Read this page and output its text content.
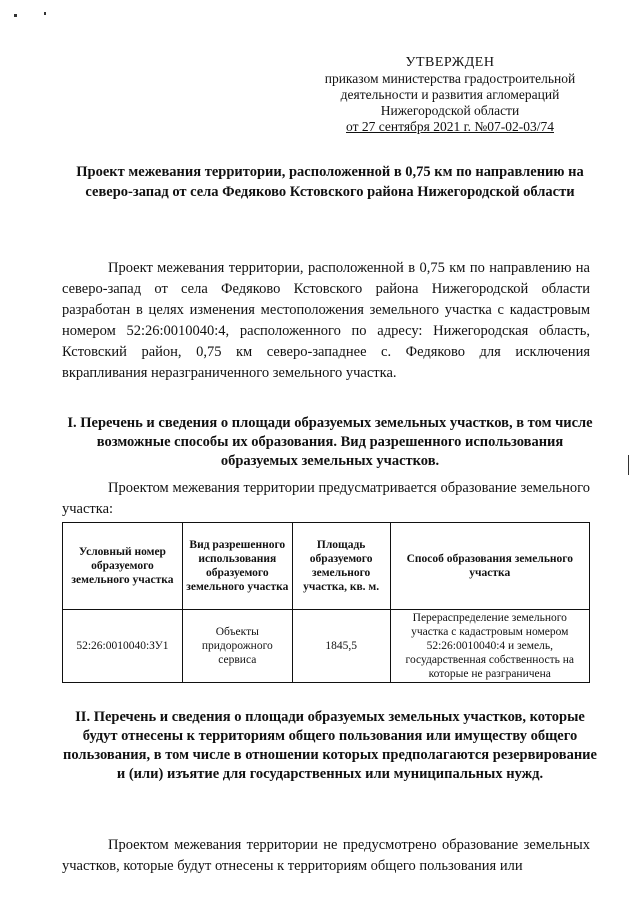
УТВЕРЖДЕН
приказом министерства градостроительной
деятельности и развития агломераций
Нижегородской области
от 27 сентября 2021 г. №07-02-03/74
Проект межевания территории, расположенной в 0,75 км по направлению на северо-запад от села Федяково Кстовского района Нижегородской области

Проект межевания территории, расположенной в 0,75 км по направлению на северо-запад от села Федяково Кстовского района Нижегородской области разработан в целях изменения местоположения земельного участка с кадастровым номером 52:26:0010040:4, расположенного по адресу: Нижегородская область, Кстовский район, 0,75 км северо-западнее с. Федяково для исключения вкрапливания неразграниченного земельного участка.

I. Перечень и сведения о площади образуемых земельных участков, в том числе возможные способы их образования. Вид разрешенного использования образуемых земельных участков.

Проектом межевания территории предусматривается образование земельного участка:

Условный номер образуемого земельного участка	Вид разрешенного использования образуемого земельного участка	Площадь образуемого земельного участка, кв. м.	Способ образования земельного участка
52:26:0010040:ЗУ1	Объекты придорожного сервиса	1845,5	Перераспределение земельного участка с кадастровым номером 52:26:0010040:4 и земель, государственная собственность на которые не разграничена
II. Перечень и сведения о площади образуемых земельных участков, которые будут отнесены к территориям общего пользования или имуществу общего пользования, в том числе в отношении которых предполагаются резервирование и (или) изъятие для государственных или муниципальных нужд.

Проектом межевания территории не предусмотрено образование земельных участков, которые будут отнесены к территориям общего пользования или
